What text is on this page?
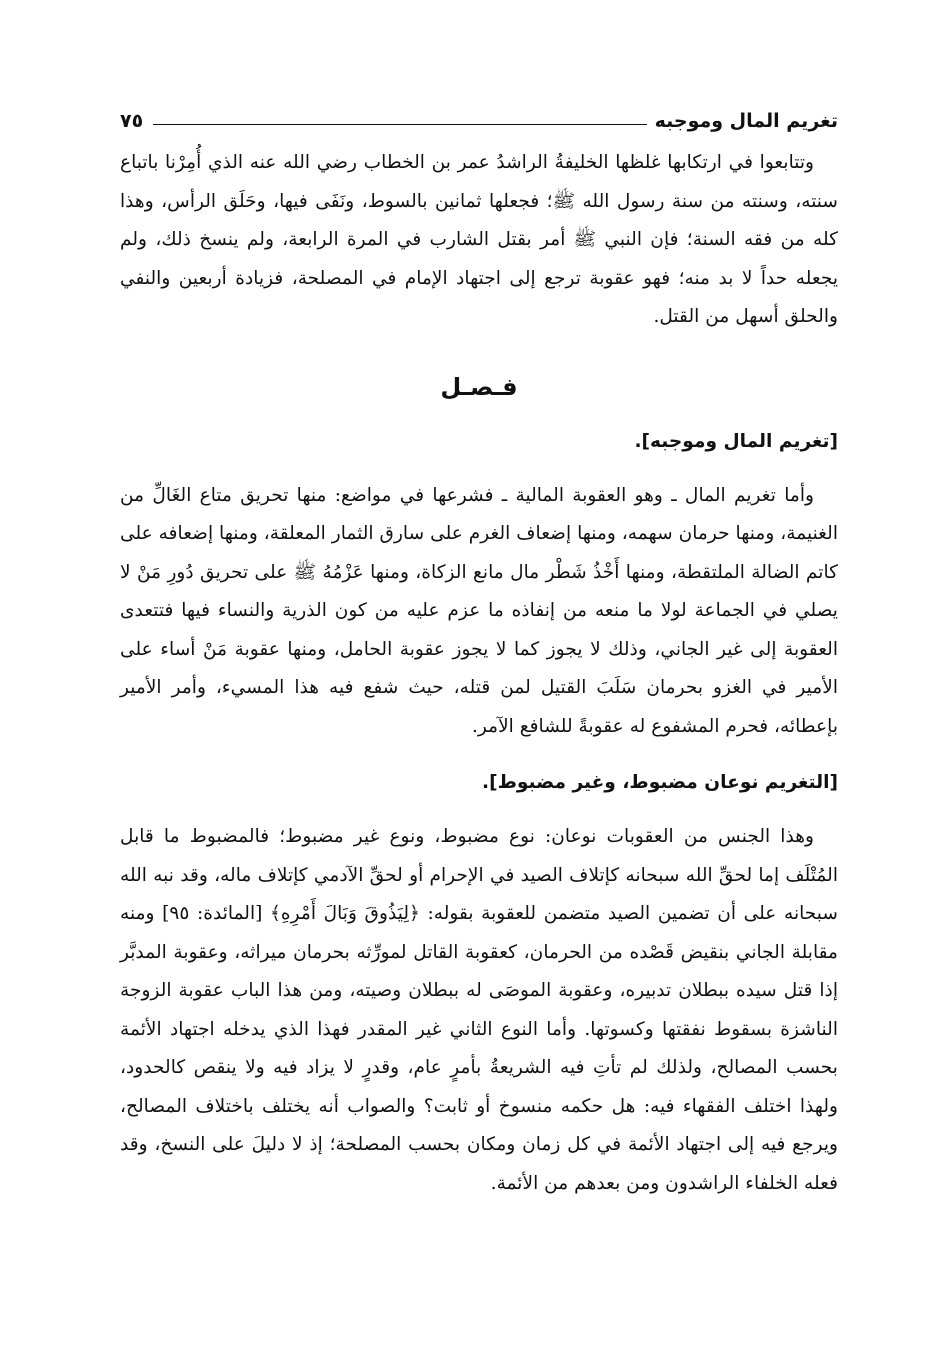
تغريم المال وموجبه
٧٥

وتتابعوا في ارتكابها غلظها الخليفةُ الراشدُ عمر بن الخطاب رضي الله عنه الذي أُمِرْنا باتباع سنته، وسنته من سنة رسول الله ﷺ؛ فجعلها ثمانين بالسوط، ونَفَى فيها، وحَلَق الرأس، وهذا كله من فقه السنة؛ فإن النبي ﷺ أمر بقتل الشارب في المرة الرابعة، ولم ينسخ ذلك، ولم يجعله حداً لا بد منه؛ فهو عقوبة ترجع إلى اجتهاد الإمام في المصلحة، فزيادة أربعين والنفي والحلق أسهل من القتل.

فـصـل
[تغريم المال وموجبه].

وأما تغريم المال ـ وهو العقوبة المالية ـ فشرعها في مواضع: منها تحريق متاع الغَالِّ من الغنيمة، ومنها حرمان سهمه، ومنها إضعاف الغرم على سارق الثمار المعلقة، ومنها إضعافه على كاتم الضالة الملتقطة، ومنها أَخْذُ شَطْر مال مانع الزكاة، ومنها عَزْمُهُ ﷺ على تحريق دُورِ مَنْ لا يصلي في الجماعة لولا ما منعه من إنفاذه ما عزم عليه من كون الذرية والنساء فيها فتتعدى العقوبة إلى غير الجاني، وذلك لا يجوز كما لا يجوز عقوبة الحامل، ومنها عقوبة مَنْ أساء على الأمير في الغزو بحرمان سَلَبَ القتيل لمن قتله، حيث شفع فيه هذا المسيء، وأمر الأمير بإعطائه، فحرم المشفوع له عقوبةً للشافع الآمر.

[التغريم نوعان مضبوط، وغير مضبوط].

وهذا الجنس من العقوبات نوعان: نوع مضبوط، ونوع غير مضبوط؛ فالمضبوط ما قابل المُتْلَف إما لحقِّ الله سبحانه كإتلاف الصيد في الإحرام أو لحقِّ الآدمي كإتلاف ماله، وقد نبه الله سبحانه على أن تضمين الصيد متضمن للعقوبة بقوله: ﴿لِيَذُوقَ وَبَالَ أَمْرِهِ﴾ [المائدة: ٩٥] ومنه مقابلة الجاني بنقيض قَصْده من الحرمان، كعقوبة القاتل لمورِّثه بحرمان ميراثه، وعقوبة المدبَّر إذا قتل سيده ببطلان تدبيره، وعقوبة الموصَى له ببطلان وصيته، ومن هذا الباب عقوبة الزوجة الناشزة بسقوط نفقتها وكسوتها. وأما النوع الثاني غير المقدر فهذا الذي يدخله اجتهاد الأئمة بحسب المصالح، ولذلك لم تأتِ فيه الشريعةُ بأمرٍ عام، وقدرٍ لا يزاد فيه ولا ينقص كالحدود، ولهذا اختلف الفقهاء فيه: هل حكمه منسوخ أو ثابت؟ والصواب أنه يختلف باختلاف المصالح، ويرجع فيه إلى اجتهاد الأئمة في كل زمان ومكان بحسب المصلحة؛ إذ لا دليلَ على النسخ، وقد فعله الخلفاء الراشدون ومن بعدهم من الأئمة.
